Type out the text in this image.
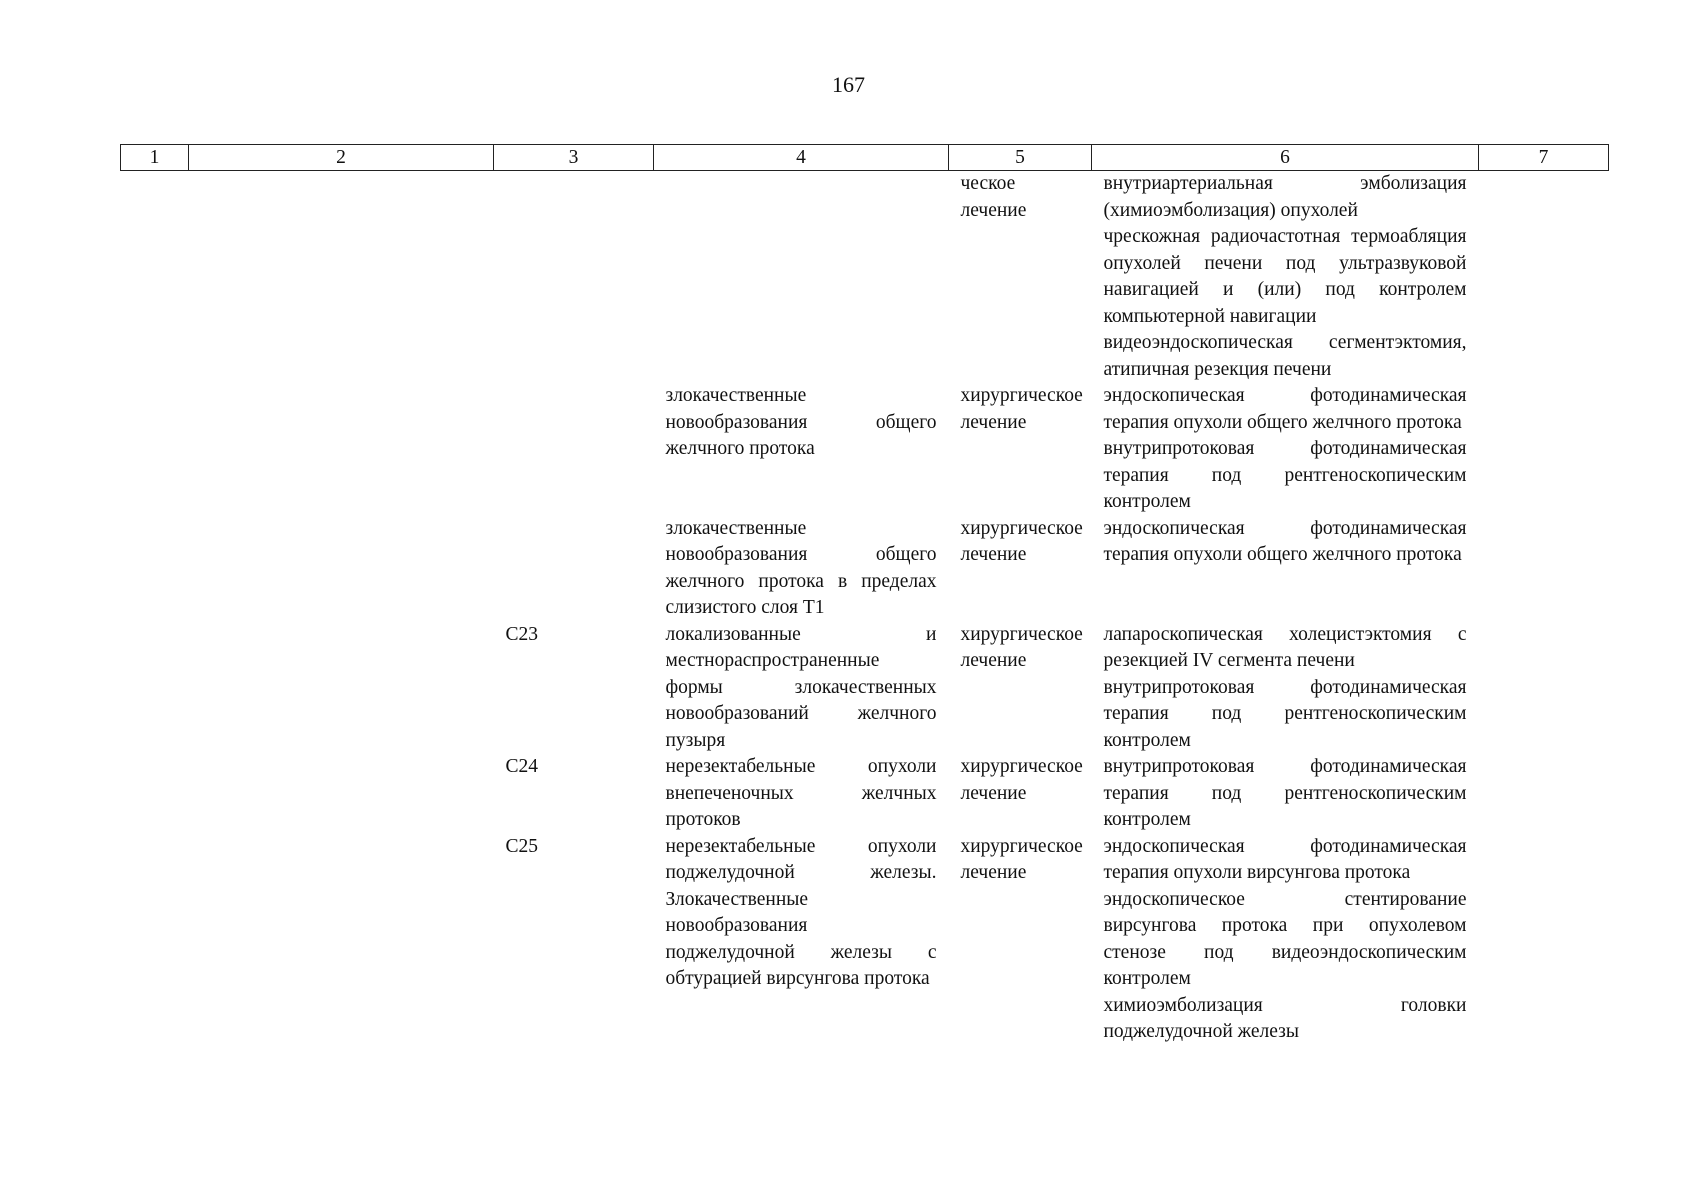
167
1	2	3	4	5	6	7
				ческое лечение	внутриартериальная эмболизация (химиоэмболизация) опухолей
чрескожная радиочастотная термоабляция опухолей печени под ультразвуковой навигацией и (или) под контролем компьютерной навигации
видеоэндоскопическая сегментэктомия, атипичная резекция печени	

			злокачественные новообразования общего желчного протока	хирургическое лечение	эндоскопическая фотодинамическая терапия опухоли общего желчного протока
внутрипротоковая фотодинамическая терапия под рентгеноскопическим контролем	

			злокачественные новообразования общего желчного протока в пределах слизистого слоя T1	хирургическое лечение	эндоскопическая фотодинамическая терапия опухоли общего желчного протока	

		C23	локализованные и местнораспространенные формы злокачественных новообразований желчного пузыря	хирургическое лечение	лапароскопическая холецистэктомия с резекцией IV сегмента печени
внутрипротоковая фотодинамическая терапия под рентгеноскопическим контролем	

		C24	нерезектабельные опухоли внепеченочных желчных протоков	хирургическое лечение	внутрипротоковая фотодинамическая терапия под рентгеноскопическим контролем	

		C25	нерезектабельные опухоли поджелудочной железы. Злокачественные новообразования поджелудочной железы с обтурацией вирсунгова протока	хирургическое лечение	эндоскопическая фотодинамическая терапия опухоли вирсунгова протока
эндоскопическое стентирование вирсунгова протока при опухолевом стенозе под видеоэндоскопическим контролем
химиоэмболизация головки поджелудочной железы	
